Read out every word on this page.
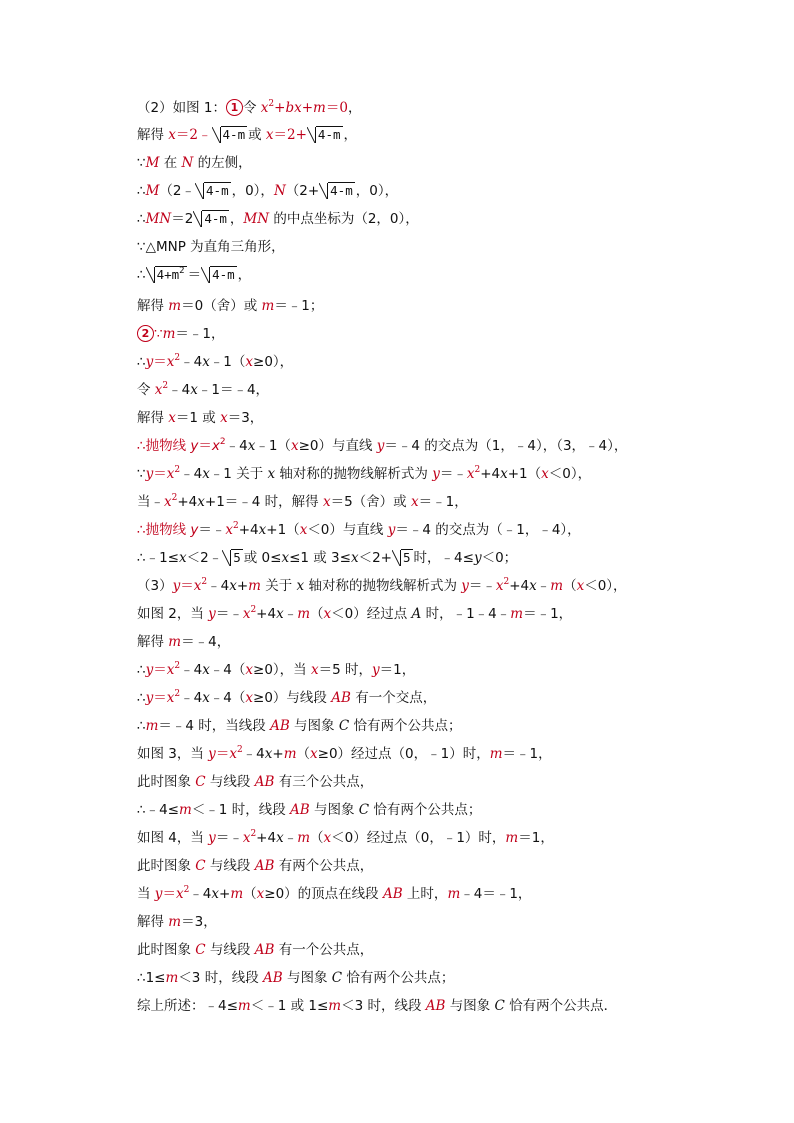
（2）如图 1： 1 令 $x^2+bx+m=0$，
解得 x＝2﹣ 4-m 或 x＝2+ 4-m ，
∵M 在 N 的左侧，
∴M（2﹣ 4-m ，0），N（2+ 4-m ，0），
∴MN＝2 4-m ，MN 的中点坐标为（2，0），
∵△MNP 为直角三角形，
∴ $4+m^2 = 4-m$ ，
解得 m＝0（舍）或 m＝﹣1；
2 ∵m＝﹣1，
$\therefore y=x^2﹣4x﹣1(x\ge 0)$，
令 $x^2﹣4x﹣1=﹣4$，
解得 x＝1 或 x＝3，
∴抛物线 $y=x^2﹣4x﹣1(x\ge 0)$与直线 y＝﹣4 的交点为（1，﹣4），（3，﹣4），
$\because y=x^2﹣4x﹣1$ 关于 x 轴对称的抛物线解析式为 $y=﹣x^2+4x+1(x<0)$，
当$﹣x^2+4x+1=﹣4$ 时，解得 x＝5（舍）或 x＝﹣1，
∴抛物线 $y=﹣x^2+4x+1(x<0)$与直线 y＝﹣4 的交点为（﹣1，﹣4），
∴﹣1≤x＜2﹣ 5 或 0≤x≤1 或 3≤x＜2+ 5 时，﹣4≤y＜0；
$(3)y=x^2﹣4x+m$ 关于 x 轴对称的抛物线解析式为 $y=﹣x^2+4x﹣m(x<0)$，
如图 2，当 $y=﹣x^2+4x﹣m(x<0)$经过点 A 时，﹣1﹣4﹣m＝﹣1，
解得 m＝﹣4，
$\therefore y=x^2﹣4x﹣4(x\ge 0)$，当 x＝5 时，y＝1，
$\therefore y=x^2﹣4x﹣4(x\ge 0)$与线段 AB 有一个交点，
∴m＝﹣4 时，当线段 AB 与图象 C 恰有两个公共点；
如图 3，当 $y=x^2﹣4x+m(x\ge 0)$经过点（0，﹣1）时，m＝﹣1，
此时图象 C 与线段 AB 有三个公共点，
∴﹣4≤m＜﹣1 时，线段 AB 与图象 C 恰有两个公共点；
如图 4，当 $y=﹣x^2+4x﹣m(x<0)$经过点（0，﹣1）时，m＝1，
此时图象 C 与线段 AB 有两个公共点，
当 $y=x^2﹣4x+m(x\ge 0)$的顶点在线段 AB 上时，m﹣4＝﹣1，
解得 m＝3，
此时图象 C 与线段 AB 有一个公共点，
∴1≤m＜3 时，线段 AB 与图象 C 恰有两个公共点；
综上所述：﹣4≤m＜﹣1 或 1≤m＜3 时，线段 AB 与图象 C 恰有两个公共点．
